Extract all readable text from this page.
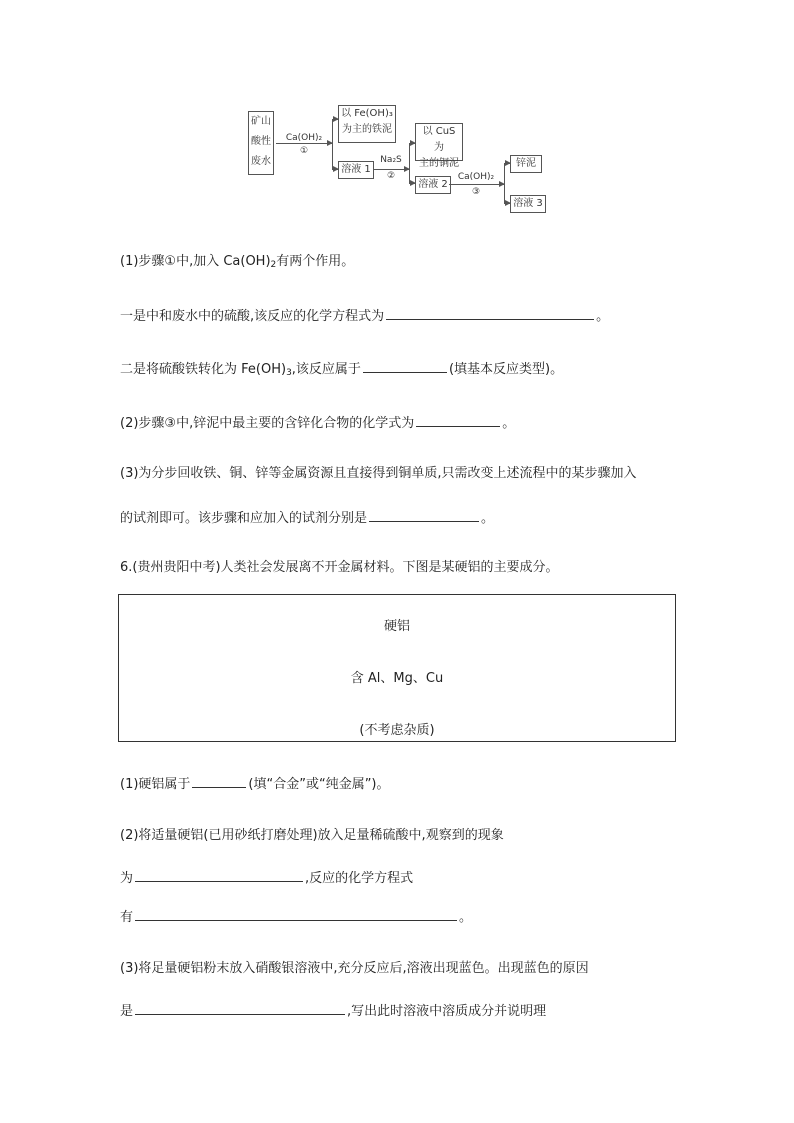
矿山
酸性
废水
Ca(OH)₂
①
以 Fe(OH)₃
为主的铁泥
溶液 1
Na₂S
②
以 CuS 为
主的铜泥
溶液 2
Ca(OH)₂
③
锌泥
溶液 3
(1)步骤①中,加入 $Ca(OH)_2$有两个作用。
一是中和废水中的硫酸,该反应的化学方程式为	。
二是将硫酸铁转化为 $Fe(OH)_3$,该反应属于	(填基本反应类型)。
(2)步骤③中,锌泥中最主要的含锌化合物的化学式为	。
(3)为分步回收铁、铜、锌等金属资源且直接得到铜单质,只需改变上述流程中的某步骤加入
的试剂即可。该步骤和应加入的试剂分别是	。
6.(贵州贵阳中考)人类社会发展离不开金属材料。下图是某硬铝的主要成分。
硬铝
含 Al、Mg、Cu
(不考虑杂质)
(1)硬铝属于	(填“合金”或“纯金属”)。
(2)将适量硬铝(已用砂纸打磨处理)放入足量稀硫酸中,观察到的现象
为	,反应的化学方程式
有	。
(3)将足量硬铝粉末放入硝酸银溶液中,充分反应后,溶液出现蓝色。出现蓝色的原因
是	,写出此时溶液中溶质成分并说明理
